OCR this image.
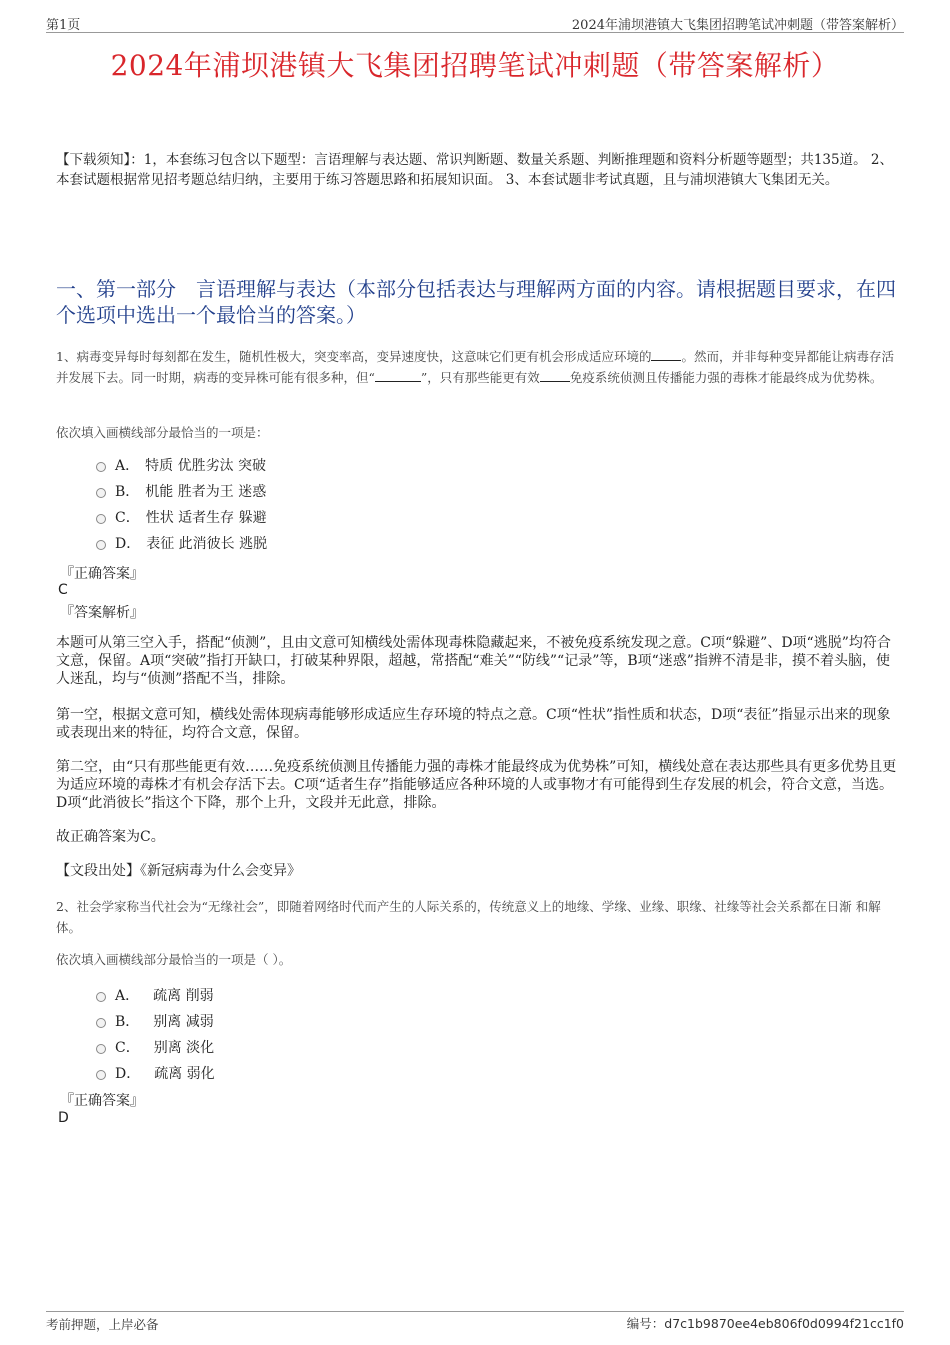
第1页	2024年浦坝港镇大飞集团招聘笔试冲刺题（带答案解析）
2024年浦坝港镇大飞集团招聘笔试冲刺题（带答案解析）
【下载须知】：1，本套练习包含以下题型：言语理解与表达题、常识判断题、数量关系题、判断推理题和资料分析题等题型；共135道。 2、本套试题根据常见招考题总结归纳，主要用于练习答题思路和拓展知识面。 3、本套试题非考试真题，且与浦坝港镇大飞集团无关。
一、第一部分　言语理解与表达（本部分包括表达与理解两方面的内容。请根据题目要求，在四个选项中选出一个最恰当的答案。）
1、病毒变异每时每刻都在发生，随机性极大，突变率高，变异速度快，这意味它们更有机会形成适应环境的 。然而，并非每种变异都能让病毒存活并发展下去。同一时期，病毒的变异株可能有很多种，但“	”，只有那些能更有效 免疫系统侦测且传播能力强的毒株才能最终成为优势株。
依次填入画横线部分最恰当的一项是：
A． 特质 优胜劣汰 突破
B． 机能 胜者为王 迷惑
C． 性状 适者生存 躲避
D． 表征 此消彼长 逃脱
『正确答案』
C
『答案解析』

本题可从第三空入手，搭配“侦测”，且由文意可知横线处需体现毒株隐藏起来，不被免疫系统发现之意。C项“躲避”、D项“逃脱”均符合文意，保留。A项“突破”指打开缺口，打破某种界限，超越，常搭配“难关”“防线”“记录”等，B项“迷惑”指辨不清是非，摸不着头脑，使人迷乱，均与“侦测”搭配不当，排除。

第一空，根据文意可知，横线处需体现病毒能够形成适应生存环境的特点之意。C项“性状”指性质和状态，D项“表征”指显示出来的现象或表现出来的特征，均符合文意，保留。

第二空，由“只有那些能更有效……免疫系统侦测且传播能力强的毒株才能最终成为优势株”可知，横线处意在表达那些具有更多优势且更为适应环境的毒株才有机会存活下去。C项“适者生存”指能够适应各种环境的人或事物才有可能得到生存发展的机会，符合文意，当选。D项“此消彼长”指这个下降，那个上升，文段并无此意，排除。

故正确答案为C。

【文段出处】《新冠病毒为什么会变异》

2、社会学家称当代社会为“无缘社会”，即随着网络时代而产生的人际关系的，传统意义上的地缘、学缘、业缘、职缘、社缘等社会关系都在日渐 和解体。
依次填入画横线部分最恰当的一项是（ ）。
A． 疏离 削弱
B． 别离 减弱
C． 别离 淡化
D． 疏离 弱化
『正确答案』
D
考前押题，上岸必备	编号：d7c1b9870ee4eb806f0d0994f21cc1f0
